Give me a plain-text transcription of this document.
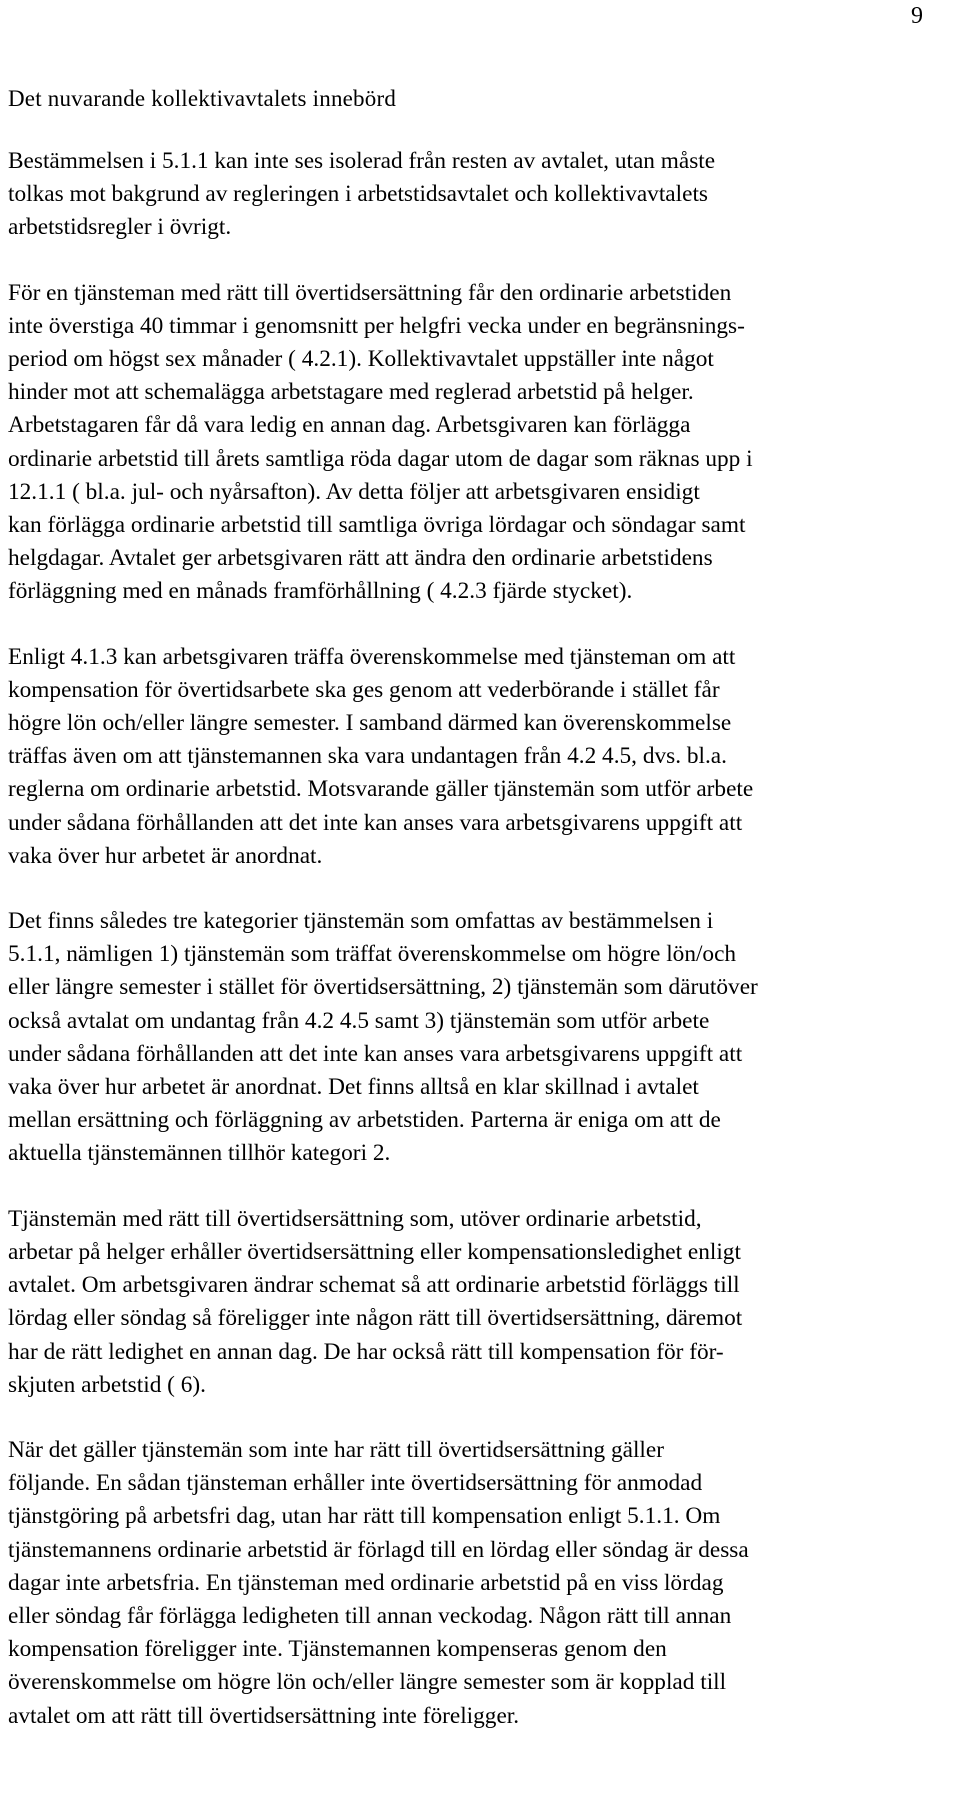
9
Det nuvarande kollektivavtalets innebörd

Bestämmelsen i 5.1.1 kan inte ses isolerad från resten av avtalet, utan måste
tolkas mot bakgrund av regleringen i arbetstidsavtalet och kollektivavtalets
arbetstidsregler i övrigt.

För en tjänsteman med rätt till övertidsersättning får den ordinarie arbetstiden
inte överstiga 40 timmar i genomsnitt per helgfri vecka under en begränsnings-
period om högst sex månader ( 4.2.1). Kollektivavtalet uppställer inte något
hinder mot att schemalägga arbetstagare med reglerad arbetstid på helger.
Arbetstagaren får då vara ledig en annan dag. Arbetsgivaren kan förlägga
ordinarie arbetstid till årets samtliga röda dagar utom de dagar som räknas upp i
12.1.1 ( bl.a. jul- och nyårsafton). Av detta följer att arbetsgivaren ensidigt
kan förlägga ordinarie arbetstid till samtliga övriga lördagar och söndagar samt
helgdagar. Avtalet ger arbetsgivaren rätt att ändra den ordinarie arbetstidens
förläggning med en månads framförhållning ( 4.2.3 fjärde stycket).

Enligt 4.1.3 kan arbetsgivaren träffa överenskommelse med tjänsteman om att
kompensation för övertidsarbete ska ges genom att vederbörande i stället får
högre lön och/eller längre semester. I samband därmed kan överenskommelse
träffas även om att tjänstemannen ska vara undantagen från 4.2 4.5, dvs. bl.a.
reglerna om ordinarie arbetstid. Motsvarande gäller tjänstemän som utför arbete
under sådana förhållanden att det inte kan anses vara arbetsgivarens uppgift att
vaka över hur arbetet är anordnat.

Det finns således tre kategorier tjänstemän som omfattas av bestämmelsen i
5.1.1, nämligen 1) tjänstemän som träffat överenskommelse om högre lön/och
eller längre semester i stället för övertidsersättning, 2) tjänstemän som därutöver
också avtalat om undantag från 4.2 4.5 samt 3) tjänstemän som utför arbete
under sådana förhållanden att det inte kan anses vara arbetsgivarens uppgift att
vaka över hur arbetet är anordnat. Det finns alltså en klar skillnad i avtalet
mellan ersättning och förläggning av arbetstiden. Parterna är eniga om att de
aktuella tjänstemännen tillhör kategori 2.

Tjänstemän med rätt till övertidsersättning som, utöver ordinarie arbetstid,
arbetar på helger erhåller övertidsersättning eller kompensationsledighet enligt
avtalet. Om arbetsgivaren ändrar schemat så att ordinarie arbetstid förläggs till
lördag eller söndag så föreligger inte någon rätt till övertidsersättning, däremot
har de rätt ledighet en annan dag. De har också rätt till kompensation för för-
skjuten arbetstid ( 6).

När det gäller tjänstemän som inte har rätt till övertidsersättning gäller
följande. En sådan tjänsteman erhåller inte övertidsersättning för anmodad
tjänstgöring på arbetsfri dag, utan har rätt till kompensation enligt 5.1.1. Om
tjänstemannens ordinarie arbetstid är förlagd till en lördag eller söndag är dessa
dagar inte arbetsfria. En tjänsteman med ordinarie arbetstid på en viss lördag
eller söndag får förlägga ledigheten till annan veckodag. Någon rätt till annan
kompensation föreligger inte. Tjänstemannen kompenseras genom den
överenskommelse om högre lön och/eller längre semester som är kopplad till
avtalet om att rätt till övertidsersättning inte föreligger.
